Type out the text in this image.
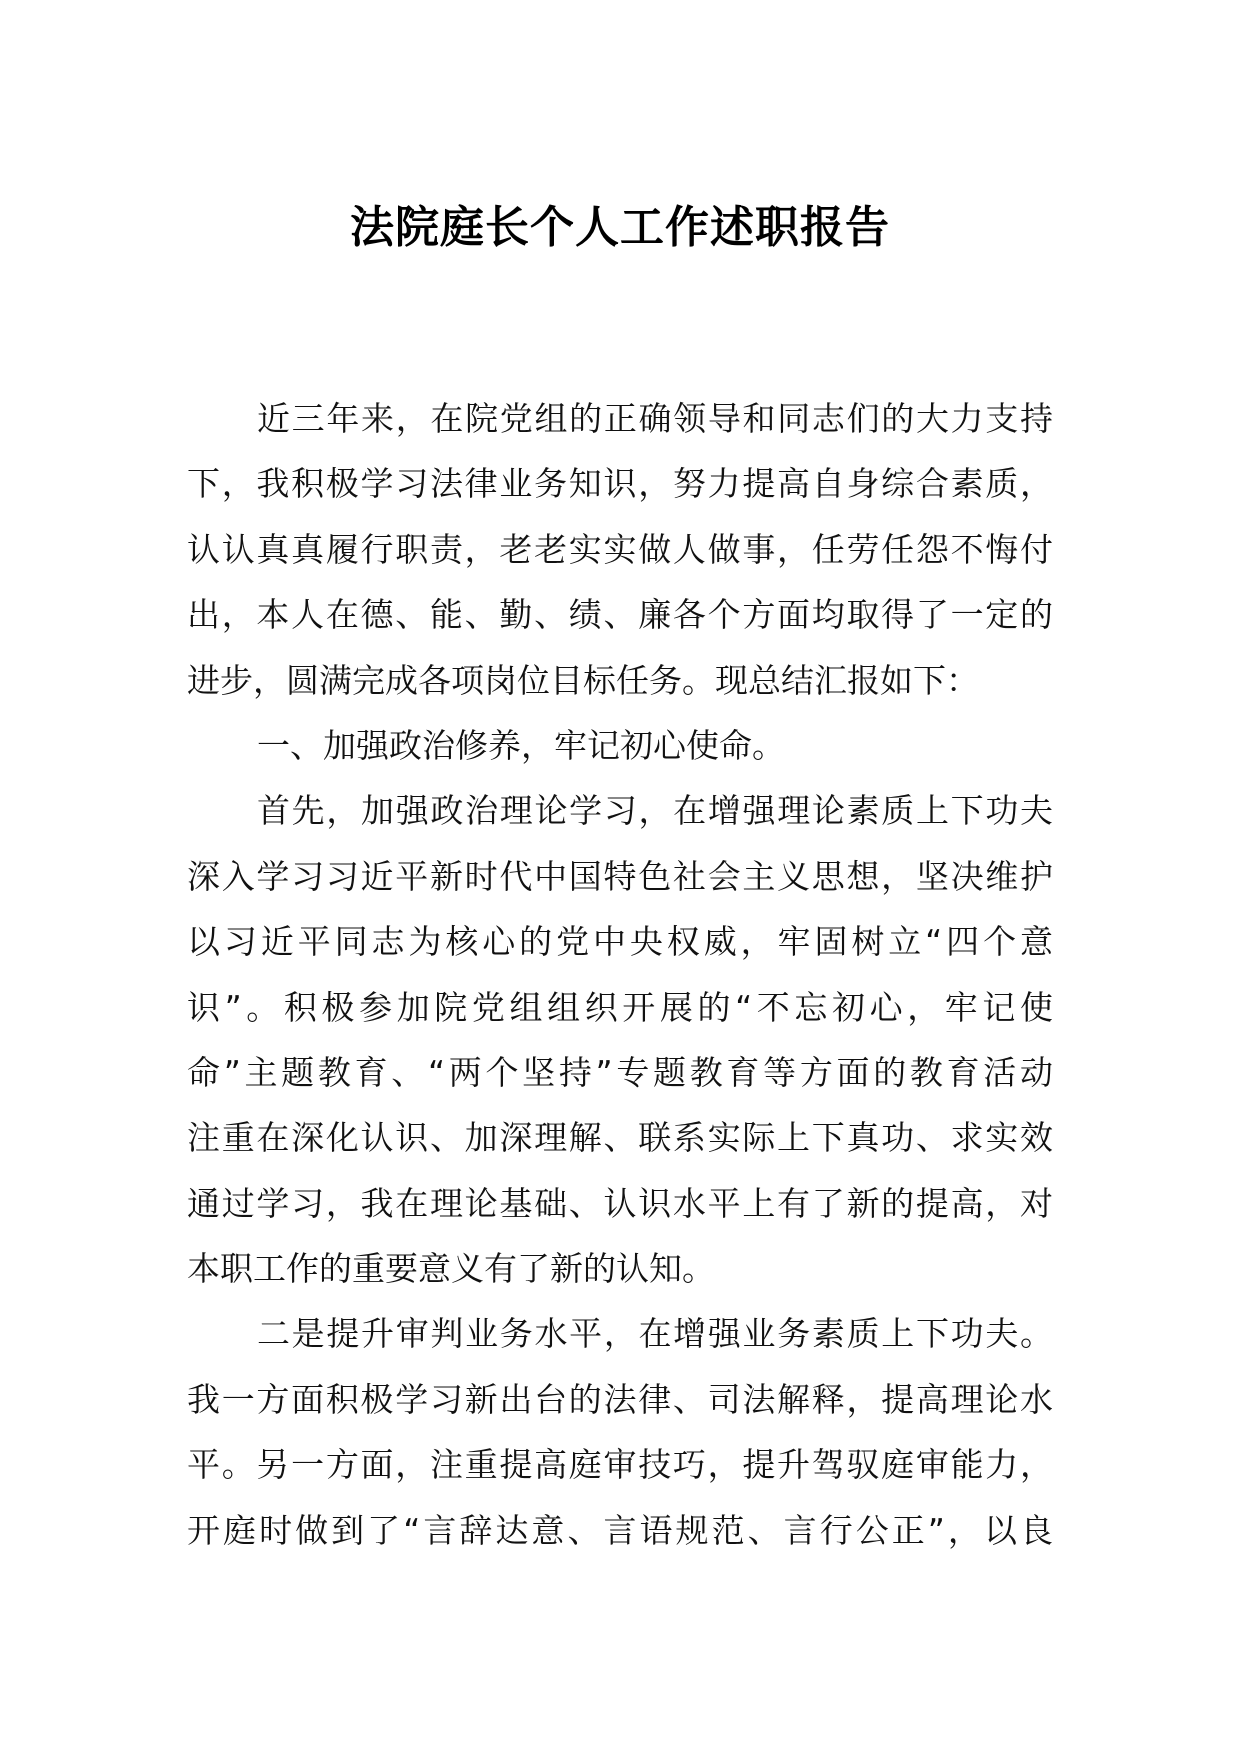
法院庭长个人工作述职报告
近三年来，在院党组的正确领导和同志们的大力支持
下，我积极学习法律业务知识，努力提高自身综合素质，
认认真真履行职责，老老实实做人做事，任劳任怨不悔付
出，本人在德、能、勤、绩、廉各个方面均取得了一定的
进步，圆满完成各项岗位目标任务。现总结汇报如下：
一、加强政治修养，牢记初心使命。
首先，加强政治理论学习，在增强理论素质上下功夫
深入学习习近平新时代中国特色社会主义思想，坚决维护
以习近平同志为核心的党中央权威，牢固树立“四个意
识”。积极参加院党组组织开展的“不忘初心，牢记使
命”主题教育、“两个坚持”专题教育等方面的教育活动
注重在深化认识、加深理解、联系实际上下真功、求实效
通过学习，我在理论基础、认识水平上有了新的提高，对
本职工作的重要意义有了新的认知。
二是提升审判业务水平，在增强业务素质上下功夫。
我一方面积极学习新出台的法律、司法解释，提高理论水
平。另一方面，注重提高庭审技巧，提升驾驭庭审能力，
开庭时做到了“言辞达意、言语规范、言行公正”，以良
